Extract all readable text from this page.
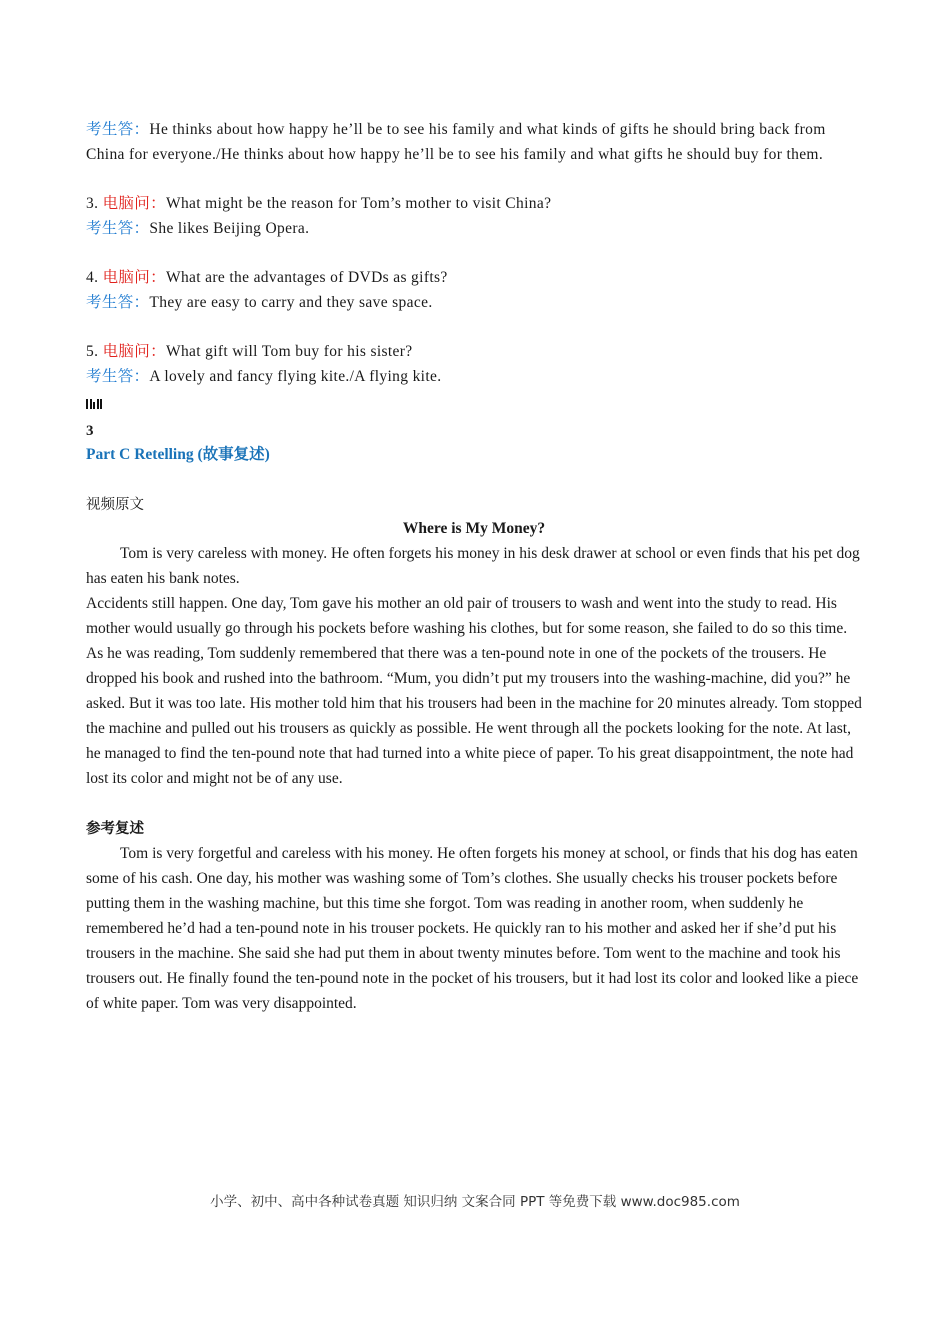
考生答：He thinks about how happy he’ll be to see his family and what kinds of gifts he should bring back from China for everyone./He thinks about how happy he’ll be to see his family and what gifts he should buy for them.

3. 电脑问：What might be the reason for Tom’s mother to visit China?

考生答：She likes Beijing Opera.

4. 电脑问：What are the advantages of DVDs as gifts?

考生答：They are easy to carry and they save space.

5. 电脑问：What gift will Tom buy for his sister?

考生答：A lovely and fancy flying kite./A flying kite.

3
Part C Retelling (故事复述)
视频原文
Where is My Money?

Tom is very careless with money. He often forgets his money in his desk drawer at school or even finds that his pet dog has eaten his bank notes.

Accidents still happen. One day, Tom gave his mother an old pair of trousers to wash and went into the study to read. His mother would usually go through his pockets before washing his clothes, but for some reason, she failed to do so this time. As he was reading, Tom suddenly remembered that there was a ten-pound note in one of the pockets of the trousers. He dropped his book and rushed into the bathroom. “Mum, you didn’t put my trousers into the washing-machine, did you?” he asked. But it was too late. His mother told him that his trousers had been in the machine for 20 minutes already. Tom stopped the machine and pulled out his trousers as quickly as possible. He went through all the pockets looking for the note. At last, he managed to find the ten-pound note that had turned into a white piece of paper. To his great disappointment, the note had lost its color and might not be of any use.

参考复述

Tom is very forgetful and careless with his money. He often forgets his money at school, or finds that his dog has eaten some of his cash. One day, his mother was washing some of Tom’s clothes. She usually checks his trouser pockets before putting them in the washing machine, but this time she forgot. Tom was reading in another room, when suddenly he remembered he’d had a ten-pound note in his trouser pockets. He quickly ran to his mother and asked her if she’d put his trousers in the machine. She said she had put them in about twenty minutes before. Tom went to the machine and took his trousers out. He finally found the ten-pound note in the pocket of his trousers, but it had lost its color and looked like a piece of white paper. Tom was very disappointed.

小学、初中、高中各种试卷真题 知识归纳 文案合同 PPT 等免费下载 www.doc985.com
